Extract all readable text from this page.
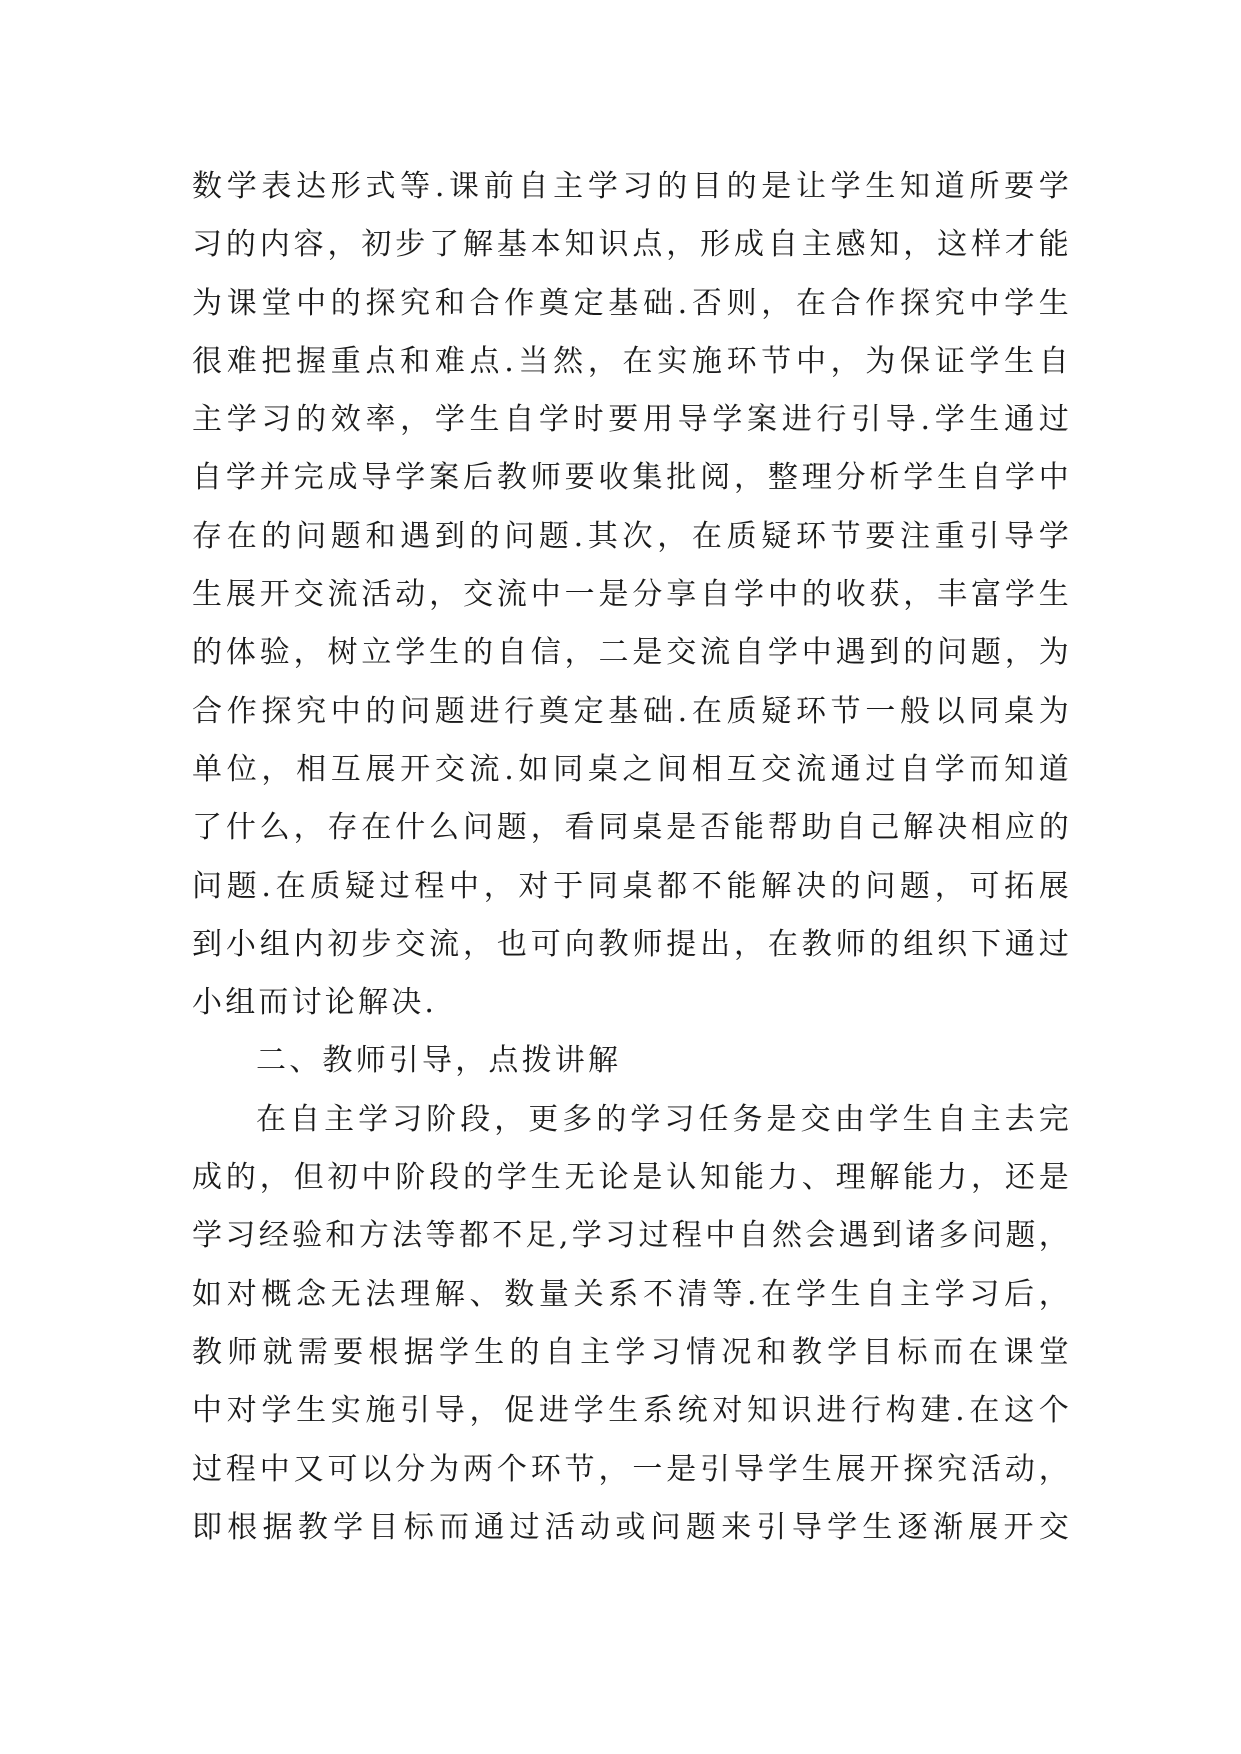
数学表达形式等.课前自主学习的目的是让学生知道所要学
习的内容，初步了解基本知识点，形成自主感知，这样才能
为课堂中的探究和合作奠定基础.否则，在合作探究中学生
很难把握重点和难点.当然，在实施环节中，为保证学生自
主学习的效率，学生自学时要用导学案进行引导.学生通过
自学并完成导学案后教师要收集批阅，整理分析学生自学中
存在的问题和遇到的问题.其次，在质疑环节要注重引导学
生展开交流活动，交流中一是分享自学中的收获，丰富学生
的体验，树立学生的自信，二是交流自学中遇到的问题，为
合作探究中的问题进行奠定基础.在质疑环节一般以同桌为
单位，相互展开交流.如同桌之间相互交流通过自学而知道
了什么，存在什么问题，看同桌是否能帮助自己解决相应的
问题.在质疑过程中，对于同桌都不能解决的问题，可拓展
到小组内初步交流，也可向教师提出，在教师的组织下通过
小组而讨论解决.
二、教师引导，点拨讲解
在自主学习阶段，更多的学习任务是交由学生自主去完
成的，但初中阶段的学生无论是认知能力、理解能力，还是
学习经验和方法等都不足,学习过程中自然会遇到诸多问题，
如对概念无法理解、数量关系不清等.在学生自主学习后，
教师就需要根据学生的自主学习情况和教学目标而在课堂
中对学生实施引导，促进学生系统对知识进行构建.在这个
过程中又可以分为两个环节，一是引导学生展开探究活动，
即根据教学目标而通过活动或问题来引导学生逐渐展开交
